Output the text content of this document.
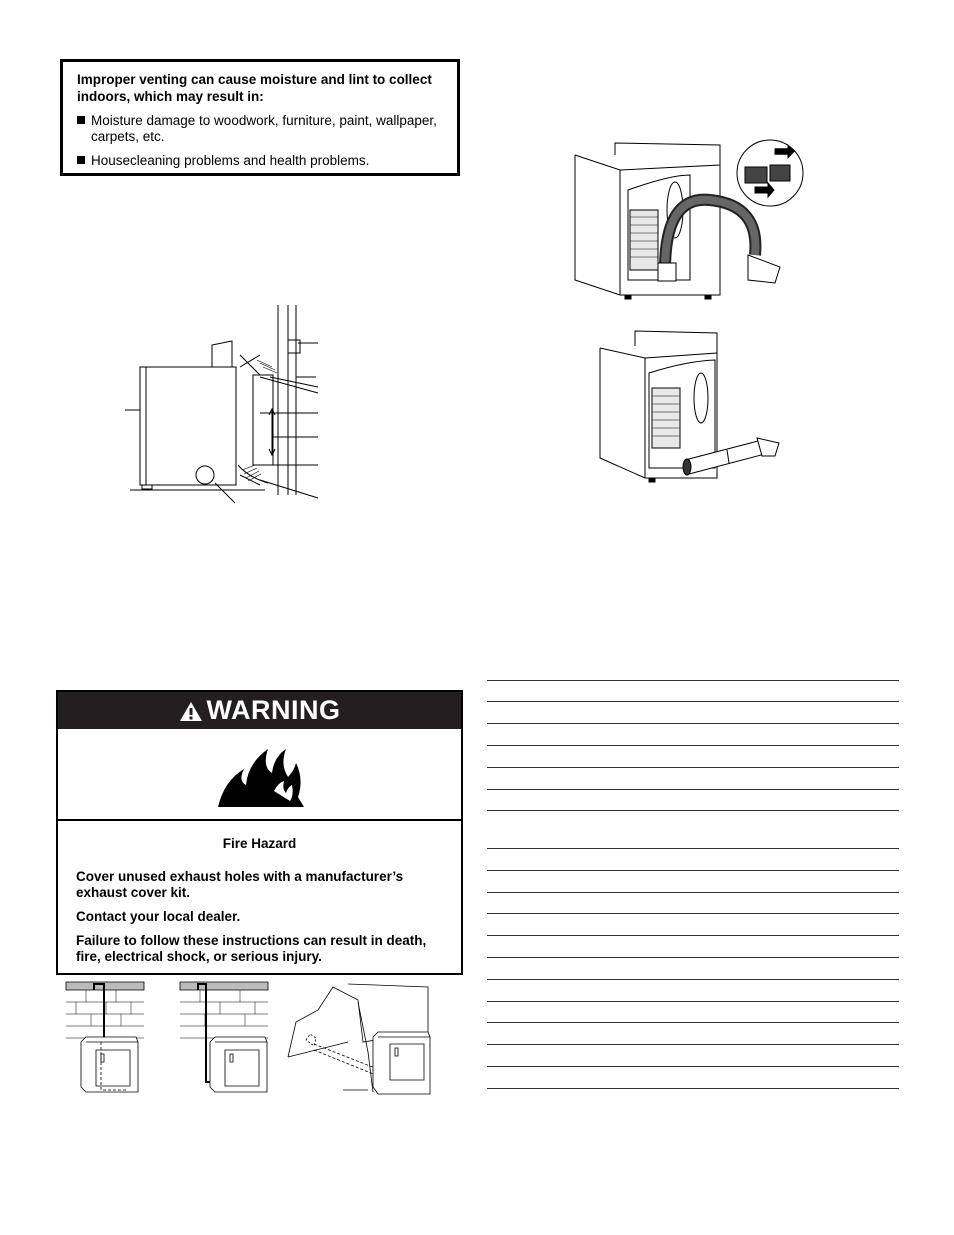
Improper venting can cause moisture and lint to collect indoors, which may result in:
Moisture damage to woodwork, furniture, paint, wallpaper, carpets, etc.
Housecleaning problems and health problems.
WARNING
Fire Hazard

Cover unused exhaust holes with a manufacturer’s exhaust cover kit.

Contact your local dealer.

Failure to follow these instructions can result in death, fire, electrical shock, or serious injury.
